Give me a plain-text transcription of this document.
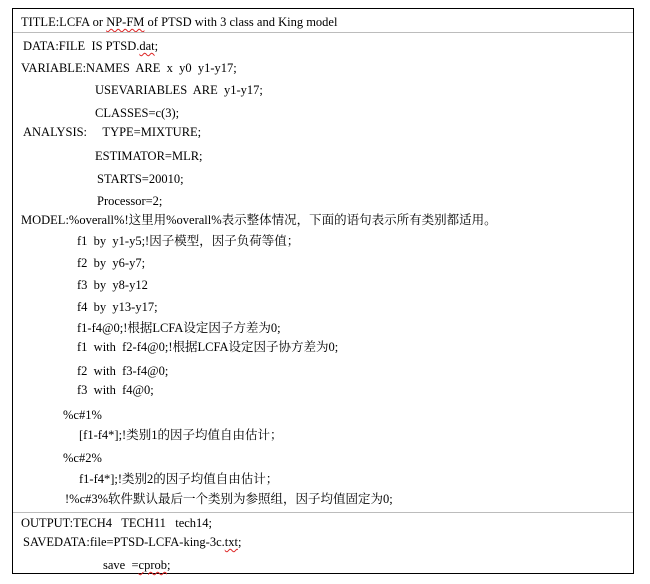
TITLE:LCFA or NP-FM of PTSD with 3 class and King model
DATA:FILE  IS PTSD.dat;
VARIABLE:NAMES  ARE  x  y0  y1-y17;
USEVARIABLES  ARE  y1-y17;
CLASSES=c(3);
ANALYSIS:     TYPE=MIXTURE;
ESTIMATOR=MLR;
STARTS=20010;
Processor=2;
MODEL:%overall%!这里用%overall%表示整体情况，下面的语句表示所有类别都适用。
f1  by  y1-y5;!因子模型，因子负荷等值；
f2  by  y6-y7;
f3  by  y8-y12
f4  by  y13-y17;
f1-f4@0;!根据LCFA设定因子方差为0;
f1  with  f2-f4@0;!根据LCFA设定因子协方差为0;
f2  with  f3-f4@0;
f3  with  f4@0;
%c#1%
[f1-f4*];!类别1的因子均值自由估计；
%c#2%
f1-f4*];!类别2的因子均值自由估计；
!%c#3%软件默认最后一个类别为参照组，因子均值固定为0;
OUTPUT:TECH4   TECH11   tech14;
SAVEDATA:file=PTSD-LCFA-king-3c.txt;
save  =cprob;
